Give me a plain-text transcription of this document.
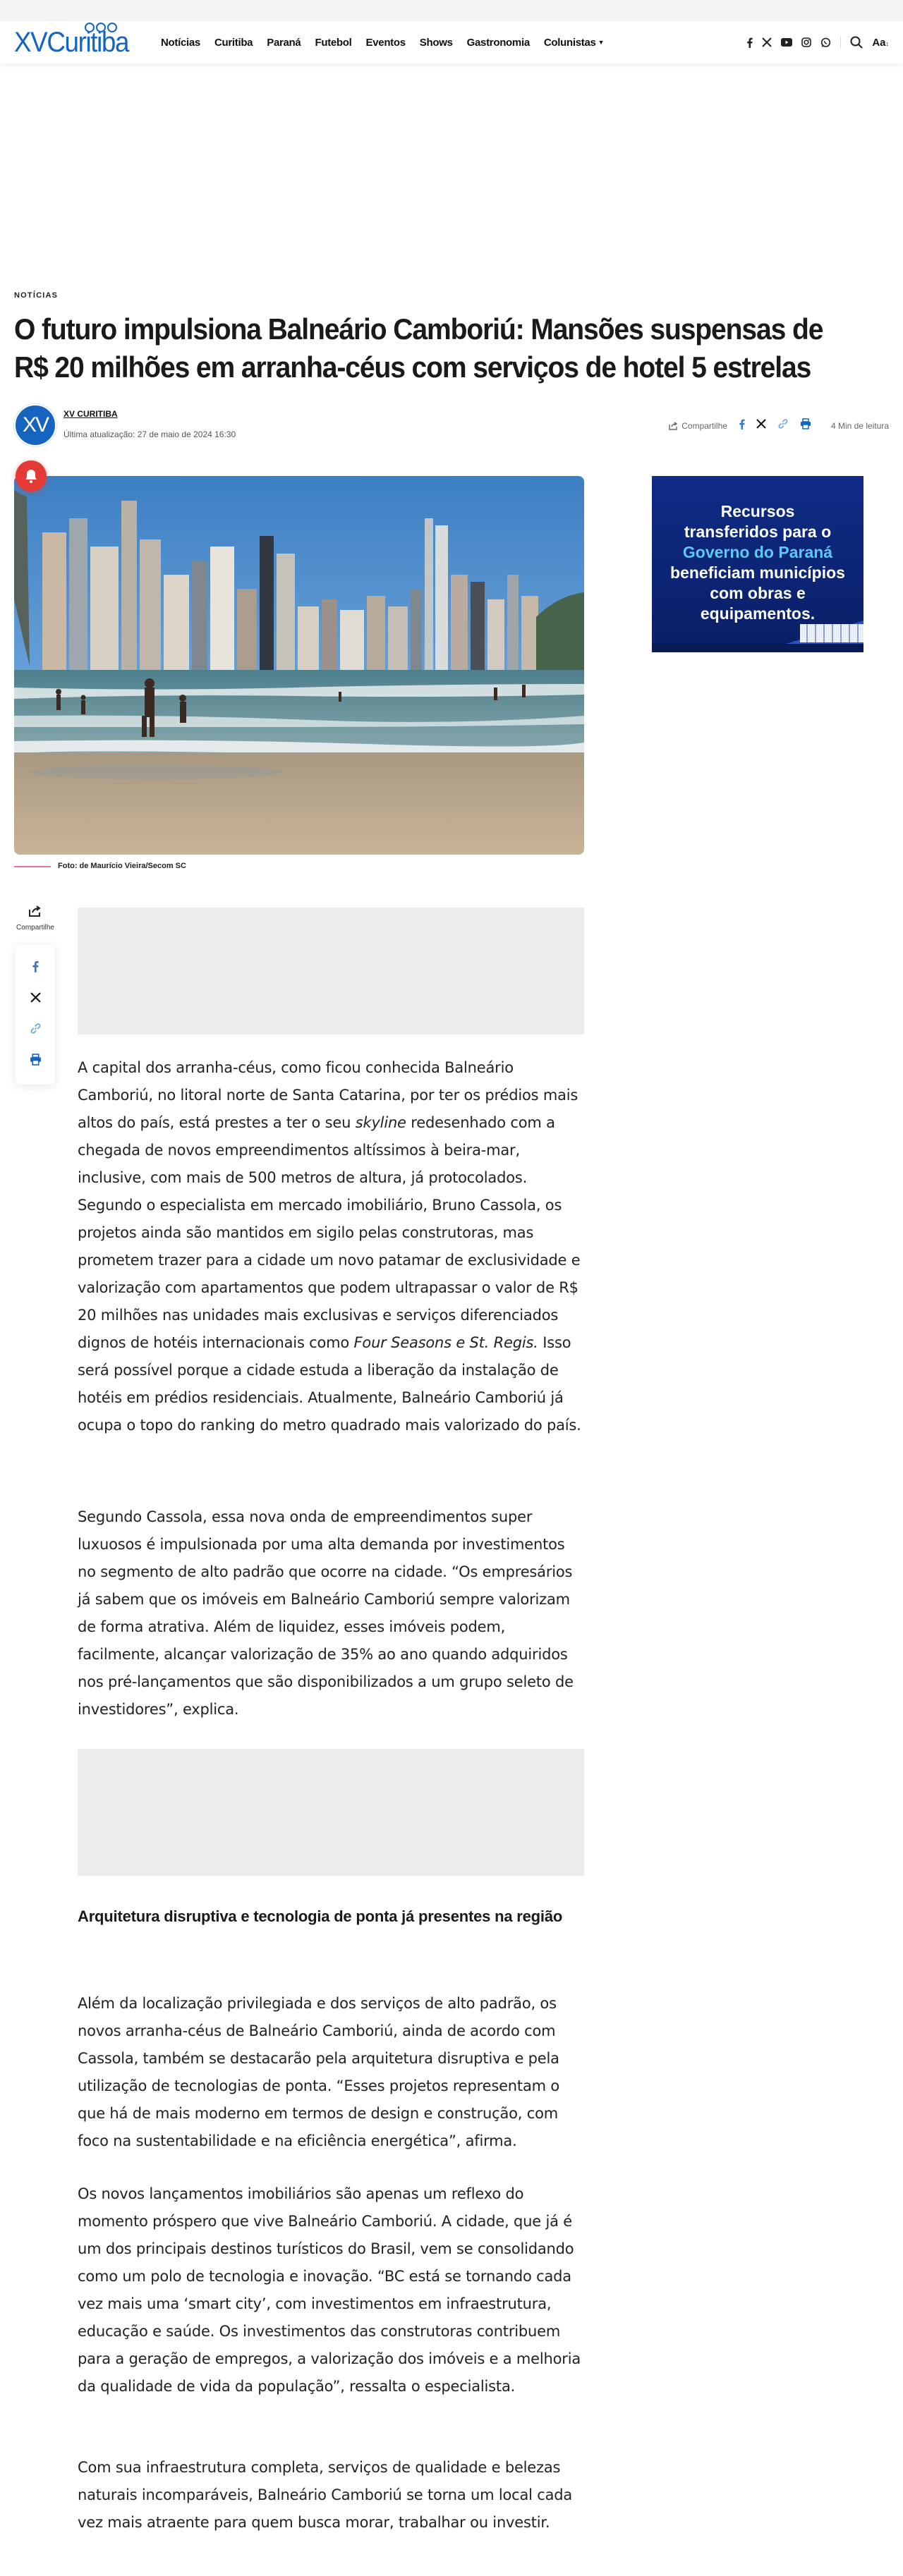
XVCuritiba	Notícias Curitiba Paraná Futebol Eventos Shows Gastronomia Colunistas ▼	Aa↕
NOTÍCIAS
O futuro impulsiona Balneário Camboriú: Mansões suspensas de R$ 20 milhões em arranha-céus com serviços de hotel 5 estrelas
XV XV CURITIBA
Última atualização: 27 de maio de 2024 16:30
Compartilhe	4 Min de leitura
Foto: de Maurício Vieira/Secom SC
Recursos
transferidos para o
Governo do Paraná
beneficiam municípios
com obras e
equipamentos.
Compartilhe

A capital dos arranha-céus, como ficou conhecida Balneário Camboriú, no litoral norte de Santa Catarina, por ter os prédios mais altos do país, está prestes a ter o seu skyline redesenhado com a chegada de novos empreendimentos altíssimos à beira-mar, inclusive, com mais de 500 metros de altura, já protocolados. Segundo o especialista em mercado imobiliário, Bruno Cassola, os projetos ainda são mantidos em sigilo pelas construtoras, mas prometem trazer para a cidade um novo patamar de exclusividade e valorização com apartamentos que podem ultrapassar o valor de R$ 20 milhões nas unidades mais exclusivas e serviços diferenciados dignos de hotéis internacionais como Four Seasons e St. Regis. Isso será possível porque a cidade estuda a liberação da instalação de hotéis em prédios residenciais. Atualmente, Balneário Camboriú já ocupa o topo do ranking do metro quadrado mais valorizado do país.

Segundo Cassola, essa nova onda de empreendimentos super luxuosos é impulsionada por uma alta demanda por investimentos no segmento de alto padrão que ocorre na cidade. “Os empresários já sabem que os imóveis em Balneário Camboriú sempre valorizam de forma atrativa. Além de liquidez, esses imóveis podem, facilmente, alcançar valorização de 35% ao ano quando adquiridos nos pré-lançamentos que são disponibilizados a um grupo seleto de investidores”, explica.

Arquitetura disruptiva e tecnologia de ponta já presentes na região

Além da localização privilegiada e dos serviços de alto padrão, os novos arranha-céus de Balneário Camboriú, ainda de acordo com Cassola, também se destacarão pela arquitetura disruptiva e pela utilização de tecnologias de ponta. “Esses projetos representam o que há de mais moderno em termos de design e construção, com foco na sustentabilidade e na eficiência energética”, afirma.

Os novos lançamentos imobiliários são apenas um reflexo do momento próspero que vive Balneário Camboriú. A cidade, que já é um dos principais destinos turísticos do Brasil, vem se consolidando como um polo de tecnologia e inovação. “BC está se tornando cada vez mais uma ‘smart city’, com investimentos em infraestrutura, educação e saúde. Os investimentos das construtoras contribuem para a geração de empregos, a valorização dos imóveis e a melhoria da qualidade de vida da população”, ressalta o especialista.

Com sua infraestrutura completa, serviços de qualidade e belezas naturais incomparáveis, Balneário Camboriú se torna um local cada vez mais atraente para quem busca morar, trabalhar ou investir.
